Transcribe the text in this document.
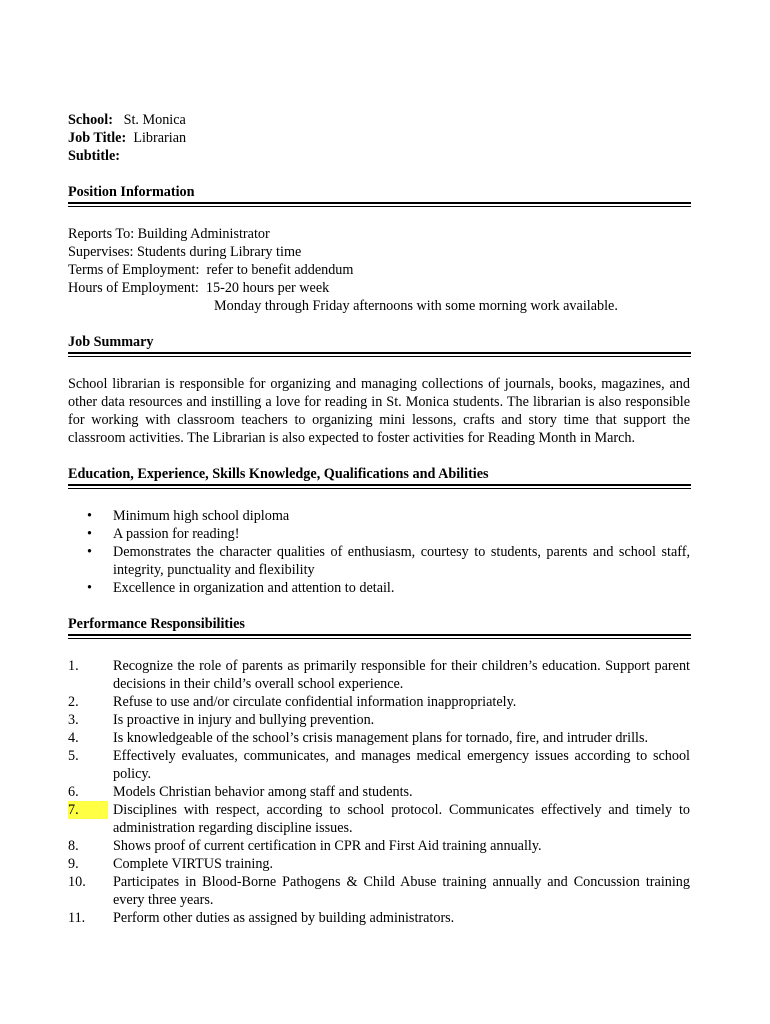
School: St. Monica
Job Title: Librarian
Subtitle:
Position Information
Reports To: Building Administrator
Supervises: Students during Library time
Terms of Employment:
refer to benefit addendum
Hours of Employment:
15-20 hours per week
Monday through Friday afternoons with some morning work available.
Job Summary
School librarian is responsible for organizing and managing collections of journals, books, magazines, and other data resources and instilling a love for reading in St. Monica students. The librarian is also responsible for working with classroom teachers to organizing mini lessons, crafts and story time that support the classroom activities. The Librarian is also expected to foster activities for Reading Month in March.
Education, Experience, Skills Knowledge, Qualifications and Abilities
• Minimum high school diploma
• A passion for reading!
• Demonstrates the character qualities of enthusiasm, courtesy to students, parents and school staff, integrity, punctuality and flexibility
• Excellence in organization and attention to detail.
Performance Responsibilities
1.	Recognize the role of parents as primarily responsible for their children’s education. Support parent decisions in their child’s overall school experience.
2.	Refuse to use and/or circulate confidential information inappropriately.
3.	Is proactive in injury and bullying prevention.
4.	Is knowledgeable of the school’s crisis management plans for tornado, fire, and intruder drills.
5.	Effectively evaluates, communicates, and manages medical emergency issues according to school policy.
6.	Models Christian behavior among staff and students.
7.	Disciplines with respect, according to school protocol. Communicates effectively and timely to administration regarding discipline issues.
8.	Shows proof of current certification in CPR and First Aid training annually.
9.	Complete VIRTUS training.
10.	Participates in Blood-Borne Pathogens & Child Abuse training annually and Concussion training every three years.
11.	Perform other duties as assigned by building administrators.
